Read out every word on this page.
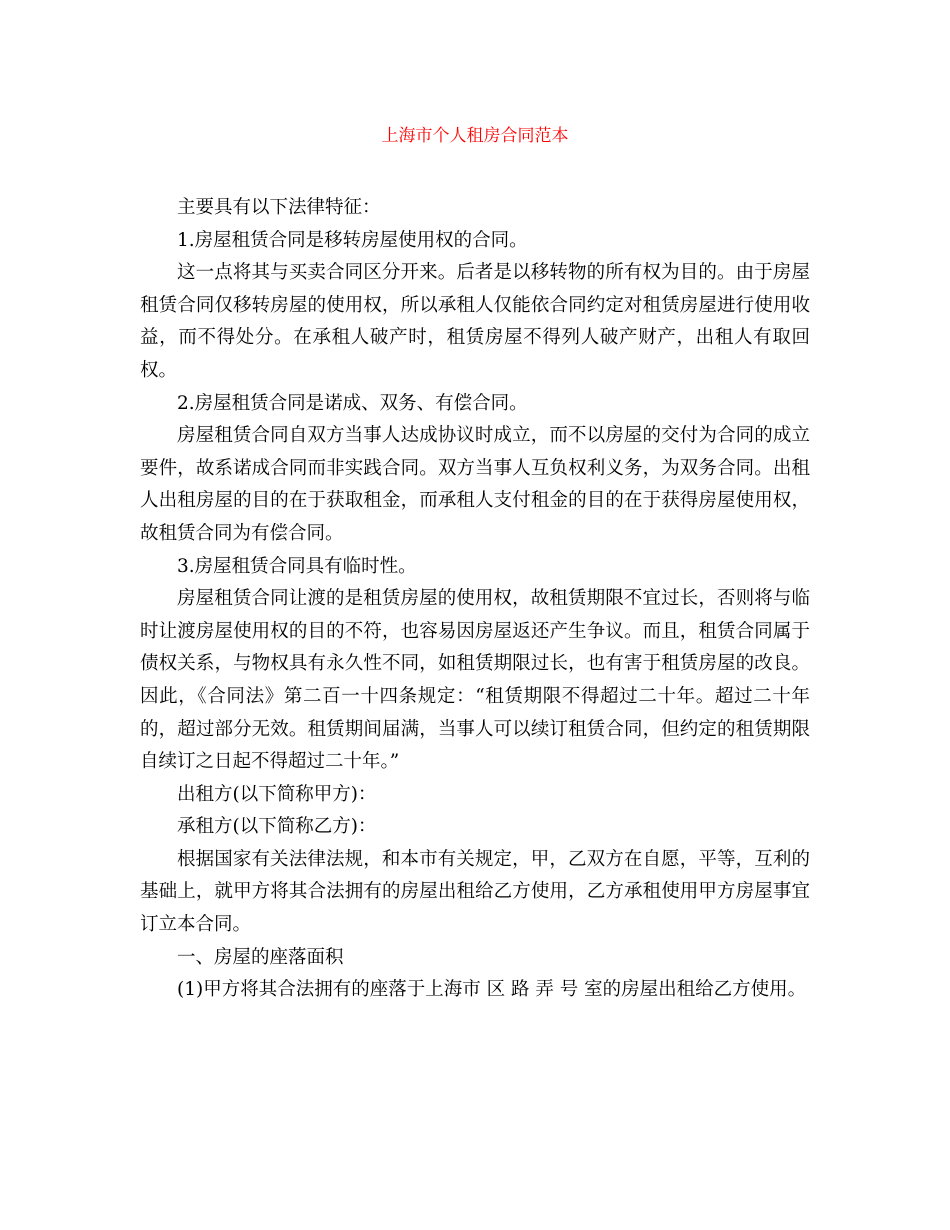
上海市个人租房合同范本

主要具有以下法律特征：

1.房屋租赁合同是移转房屋使用权的合同。

这一点将其与买卖合同区分开来。后者是以移转物的所有权为目的。由于房屋租赁合同仅移转房屋的使用权，所以承租人仅能依合同约定对租赁房屋进行使用收益，而不得处分。在承租人破产时，租赁房屋不得列人破产财产，出租人有取回权。

2.房屋租赁合同是诺成、双务、有偿合同。

房屋租赁合同自双方当事人达成协议时成立，而不以房屋的交付为合同的成立要件，故系诺成合同而非实践合同。双方当事人互负权利义务，为双务合同。出租人出租房屋的目的在于获取租金，而承租人支付租金的目的在于获得房屋使用权，故租赁合同为有偿合同。

3.房屋租赁合同具有临时性。

房屋租赁合同让渡的是租赁房屋的使用权，故租赁期限不宜过长，否则将与临时让渡房屋使用权的目的不符，也容易因房屋返还产生争议。而且，租赁合同属于债权关系，与物权具有永久性不同，如租赁期限过长，也有害于租赁房屋的改良。因此，《合同法》第二百一十四条规定：“租赁期限不得超过二十年。超过二十年的，超过部分无效。租赁期间届满，当事人可以续订租赁合同，但约定的租赁期限自续订之日起不得超过二十年。”

出租方(以下简称甲方)：

承租方(以下简称乙方)：

根据国家有关法律法规，和本市有关规定，甲，乙双方在自愿，平等，互利的基础上，就甲方将其合法拥有的房屋出租给乙方使用，乙方承租使用甲方房屋事宜订立本合同。

一、房屋的座落面积

(1)甲方将其合法拥有的座落于上海市 区 路 弄 号 室的房屋出租给乙方使用。
